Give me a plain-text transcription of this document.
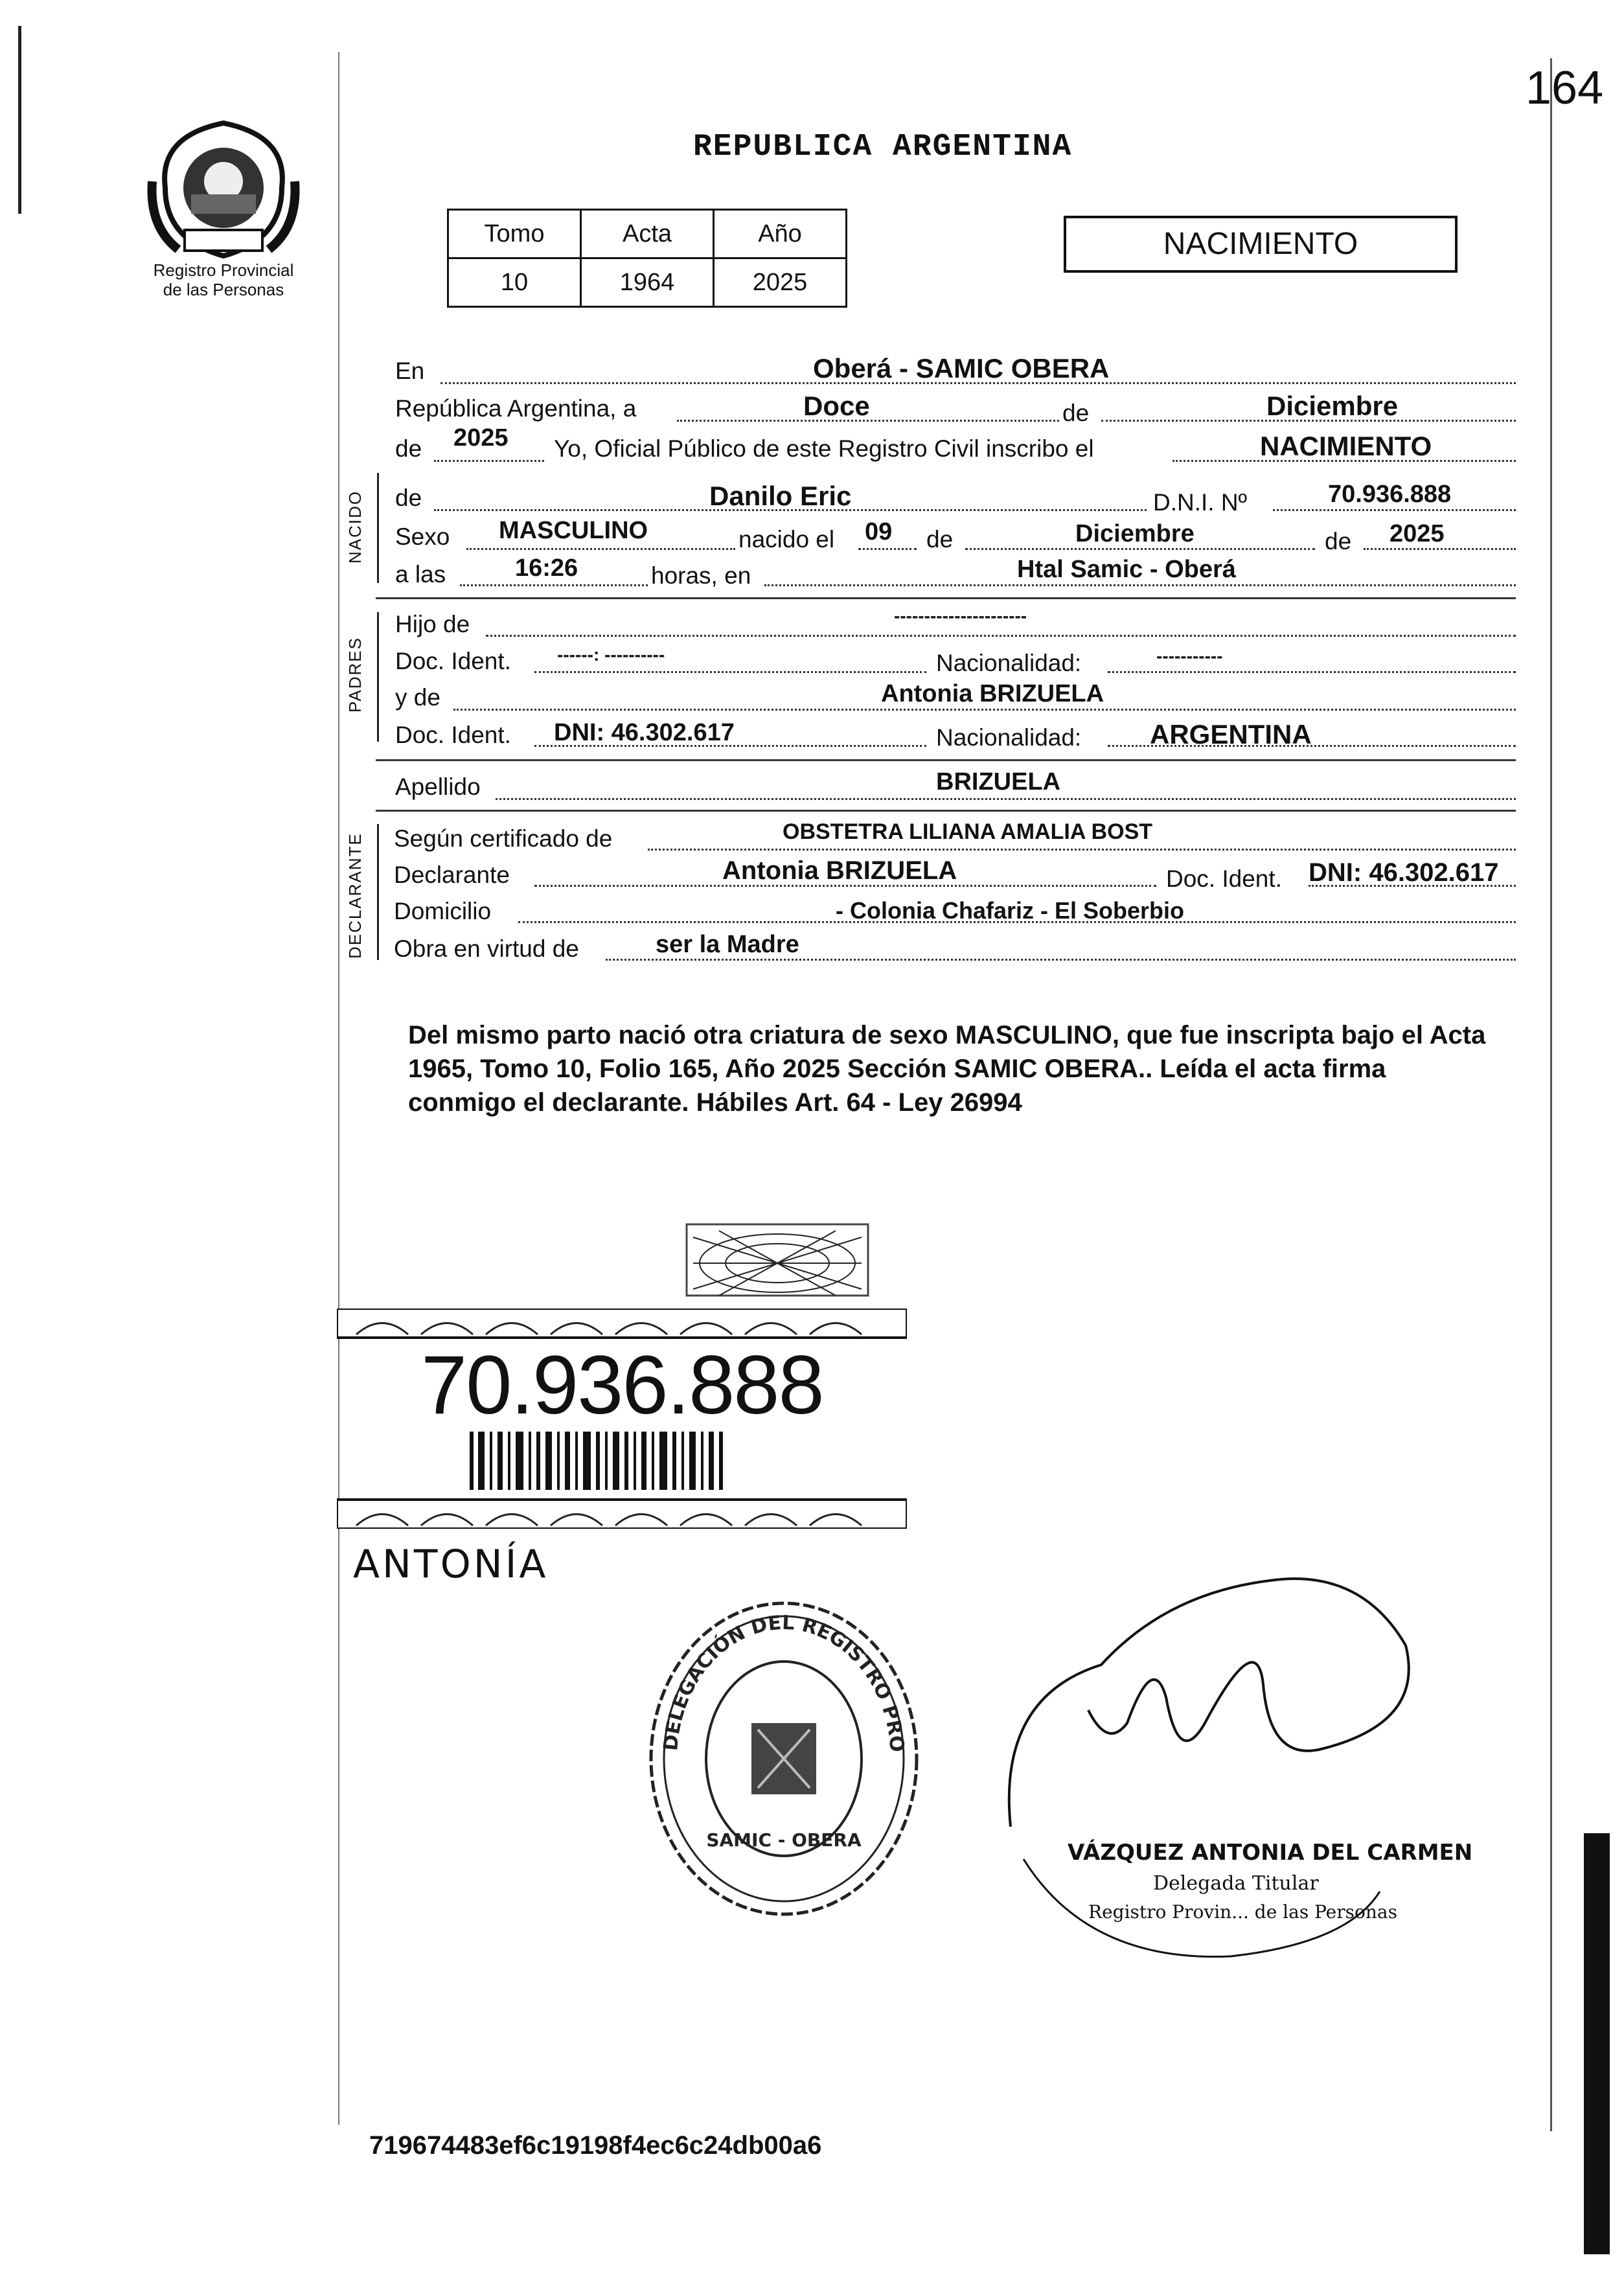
164
Registro Provincial
de las Personas
REPUBLICA ARGENTINA
Tomo	Acta	Año
10	1964	2025
NACIMIENTO
En	Oberá - SAMIC OBERA
República Argentina, a	Doce	de	Diciembre
de 2025 Yo, Oficial Público de este Registro Civil inscribo el	NACIMIENTO
NACIDO de	Danilo Eric	D.N.I. Nº	70.936.888
Sexo MASCULINO	nacido el 09 de	Diciembre	de 2025
a las	16:26	horas, en	Htal Samic - Oberá
PADRES
Hijo de	----------------------
Doc. Ident.	------: ----------	Nacionalidad:	-----------
y de	Antonia BRIZUELA
Doc. Ident. DNI: 46.302.617	Nacionalidad:	ARGENTINA
Apellido	BRIZUELA
DECLARANTE Según certificado de	OBSTETRA LILIANA AMALIA BOST
Declarante	Antonia BRIZUELA	Doc. Ident. DNI: 46.302.617
Domicilio	- Colonia Chafariz - El Soberbio
Obra en virtud de	ser la Madre
Del mismo parto nació otra criatura de sexo MASCULINO, que fue inscripta bajo el Acta 1965, Tomo 10, Folio 165, Año 2025 Sección SAMIC OBERA.. Leída el acta firma conmigo el declarante. Hábiles Art. 64 - Ley 26994
70.936.888
ANTONÍA
DELEGACIÓN DEL REGISTRO PRO
SAMIC - OBERA	VÁZQUEZ ANTONIA DEL CARMEN
Delegada Titular
Registro Provin... de las Personas
719674483ef6c19198f4ec6c24db00a6
